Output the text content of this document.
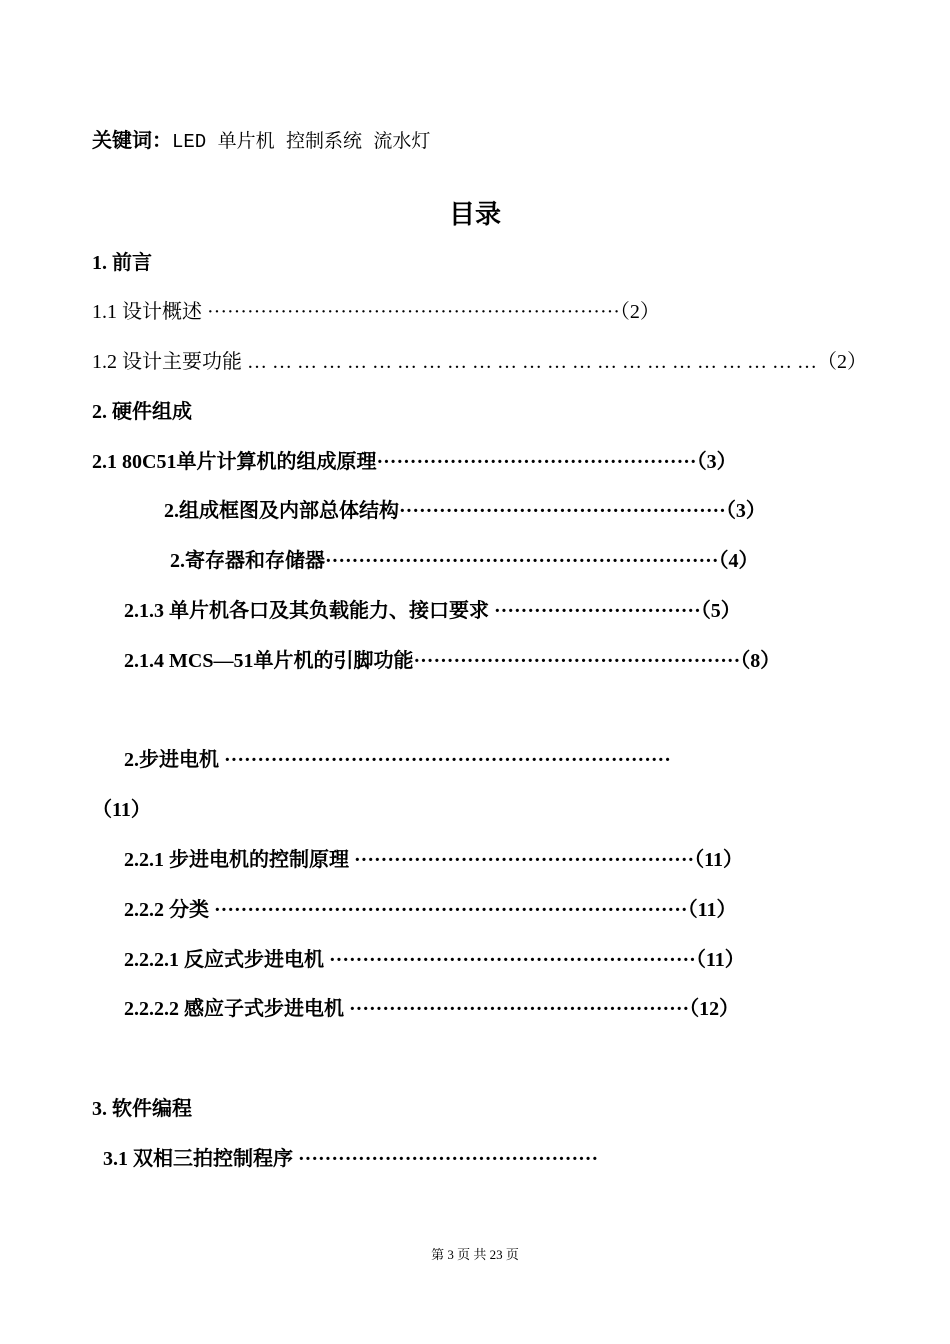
关键词：LED 单片机 控制系统 流水灯
目录
1. 前言
1.1 设计概述 ······························································（2）
1.2 设计主要功能 … … … … … … … … … … … … … … … … … … … … … … …（2）
2. 硬件组成
2.1 80C51单片计算机的组成原理················································（3）
2.组成框图及内部总体结构·················································（3）
2.寄存器和存储器···························································（4）
2.1.3 单片机各口及其负载能力、接口要求 ·······························（5）
2.1.4 MCS—51单片机的引脚功能·················································（8）
2.步进电机 ···································································
（11）
2.2.1 步进电机的控制原理 ···················································（11）
2.2.2 分类 ·······································································（11）
2.2.2.1 反应式步进电机 ·······················································（11）
2.2.2.2 感应子式步进电机 ···················································（12）
3. 软件编程
3.1 双相三拍控制程序 ·············································
第 3 页 共 23 页
